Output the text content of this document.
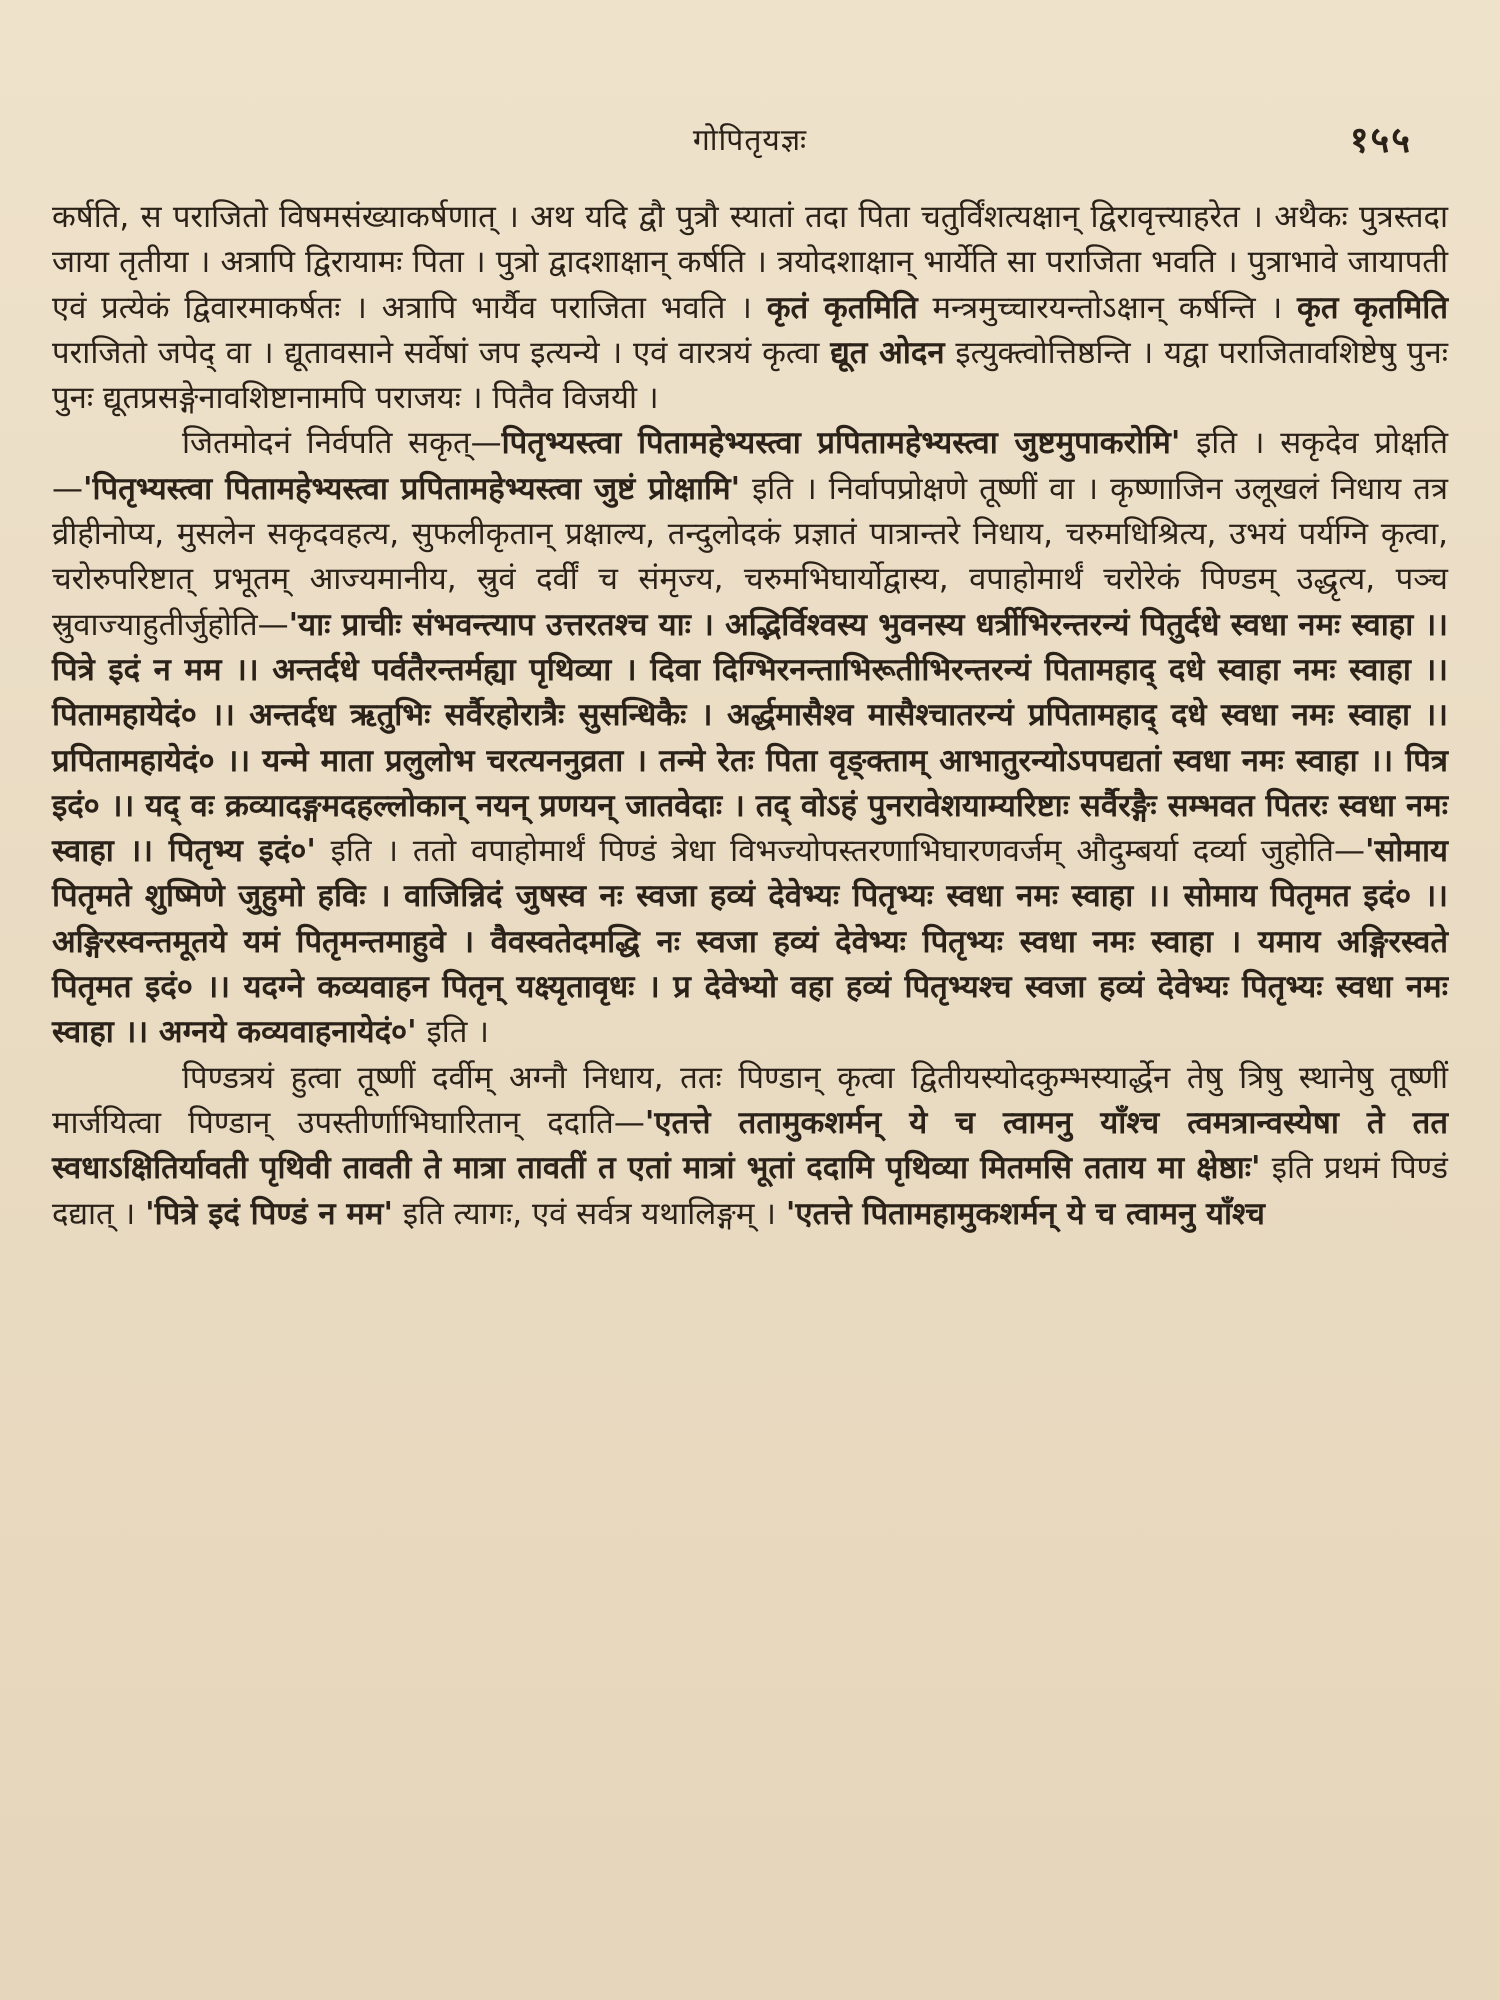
गोपितृयज्ञः	१५५

कर्षति, स पराजितो विषमसंख्याकर्षणात् । अथ यदि द्वौ पुत्रौ स्यातां तदा पिता चतुर्विंशत्यक्षान् द्विरावृत्त्याहरेत । अथैकः पुत्रस्तदा जाया तृतीया । अत्रापि द्विरायामः पिता । पुत्रो द्वादशाक्षान् कर्षति । त्रयोदशाक्षान् भार्येति सा पराजिता भवति । पुत्राभावे जायापती एवं प्रत्येकं द्विवारमाकर्षतः । अत्रापि भार्यैव पराजिता भवति । कृतं कृतमिति मन्त्रमुच्चारयन्तोऽक्षान् कर्षन्ति । कृत कृतमिति पराजितो जपेद् वा । द्यूतावसाने सर्वेषां जप इत्यन्ये । एवं वारत्रयं कृत्वा द्यूत ओदन इत्युक्त्वोत्तिष्ठन्ति । यद्वा पराजितावशिष्टेषु पुनः पुनः द्यूतप्रसङ्गेनावशिष्टानामपि पराजयः । पितैव विजयी ।

जितमोदनं निर्वपति सकृत्—पितृभ्यस्त्वा पितामहेभ्यस्त्वा प्रपितामहेभ्यस्त्वा जुष्टमुपाकरोमि' इति । सकृदेव प्रोक्षति—'पितृभ्यस्त्वा पितामहेभ्यस्त्वा प्रपितामहेभ्यस्त्वा जुष्टं प्रोक्षामि' इति । निर्वापप्रोक्षणे तूष्णीं वा । कृष्णाजिन उलूखलं निधाय तत्र व्रीहीनोप्य, मुसलेन सकृदवहत्य, सुफलीकृतान् प्रक्षाल्य, तन्दुलोदकं प्रज्ञातं पात्रान्तरे निधाय, चरुमधिश्रित्य, उभयं पर्यग्नि कृत्वा, चरोरुपरिष्टात् प्रभूतम् आज्यमानीय, स्रुवं दर्वीं च संमृज्य, चरुमभिघार्योद्वास्य, वपाहोमार्थं चरोरेकं पिण्डम् उद्धृत्य, पञ्च स्रुवाज्याहुतीर्जुहोति—'याः प्राचीः संभवन्त्याप उत्तरतश्च याः । अद्भिर्विश्वस्य भुवनस्य धर्त्रीभिरन्तरन्यं पितुर्दधे स्वधा नमः स्वाहा ।। पित्रे इदं न मम ।। अन्तर्दधे पर्वतैरन्तर्मह्या पृथिव्या । दिवा दिग्भिरनन्ताभिरूतीभिरन्तरन्यं पितामहाद् दधे स्वाहा नमः स्वाहा ।। पितामहायेदं० ।। अन्तर्दध ऋतुभिः सर्वैरहोरात्रैः सुसन्धिकैः । अर्द्धमासैश्व मासैश्चातरन्यं प्रपितामहाद् दधे स्वधा नमः स्वाहा ।। प्रपितामहायेदं० ।। यन्मे माता प्रलुलोभ चरत्यननुव्रता । तन्मे रेतः पिता वृङ्क्ताम् आभातुरन्योऽपपद्यतां स्वधा नमः स्वाहा ।। पित्र इदं० ।। यद् वः क्रव्यादङ्गमदहल्लोकान् नयन् प्रणयन् जातवेदाः । तद् वोऽहं पुनरावेशयाम्यरिष्टाः सर्वैरङ्गैः सम्भवत पितरः स्वधा नमः स्वाहा ।। पितृभ्य इदं०' इति । ततो वपाहोमार्थं पिण्डं त्रेधा विभज्योपस्तरणाभिघारणवर्जम् औदुम्बर्या दर्व्या जुहोति—'सोमाय पितृमते शुष्मिणे जुहुमो हविः । वाजिन्निदं जुषस्व नः स्वजा हव्यं देवेभ्यः पितृभ्यः स्वधा नमः स्वाहा ।। सोमाय पितृमत इदं० ।। अङ्गिरस्वन्तमूतये यमं पितृमन्तमाहुवे । वैवस्वतेदमद्धि नः स्वजा हव्यं देवेभ्यः पितृभ्यः स्वधा नमः स्वाहा । यमाय अङ्गिरस्वते पितृमत इदं० ।। यदग्ने कव्यवाहन पितृन् यक्ष्यृतावृधः । प्र देवेभ्यो वहा हव्यं पितृभ्यश्च स्वजा हव्यं देवेभ्यः पितृभ्यः स्वधा नमः स्वाहा ।। अग्नये कव्यवाहनायेदं०' इति ।

पिण्डत्रयं हुत्वा तूष्णीं दर्वीम् अग्नौ निधाय, ततः पिण्डान् कृत्वा द्वितीयस्योदकुम्भस्यार्द्धेन तेषु त्रिषु स्थानेषु तूष्णीं मार्जयित्वा पिण्डान् उपस्तीर्णाभिघारितान् ददाति—'एतत्ते ततामुकशर्मन् ये च त्वामनु याँश्च त्वमत्रान्वस्येषा ते तत स्वधाऽक्षितिर्यावती पृथिवी तावती ते मात्रा तावतीं त एतां मात्रां भूतां ददामि पृथिव्या मितमसि तताय मा क्षेष्ठाः' इति प्रथमं पिण्डं दद्यात् । 'पित्रे इदं पिण्डं न मम' इति त्यागः, एवं सर्वत्र यथालिङ्गम् । 'एतत्ते पितामहामुकशर्मन् ये च त्वामनु याँश्च
